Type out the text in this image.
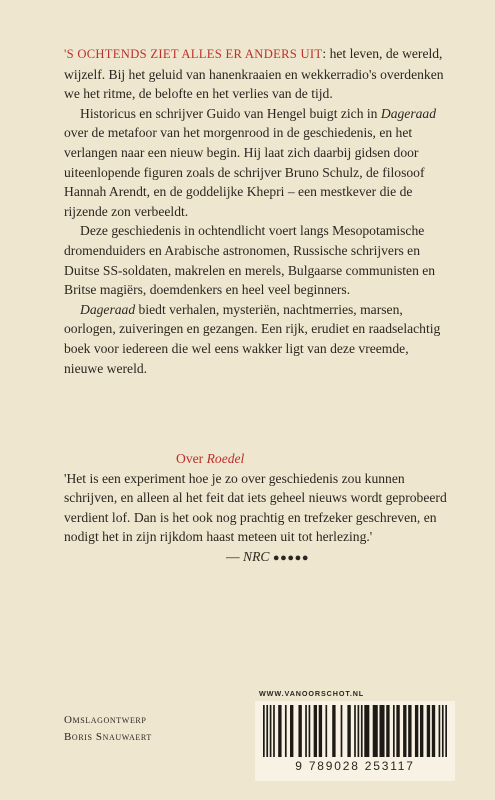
'S OCHTENDS ZIET ALLES ER ANDERS UIT: het leven, de wereld, wijzelf. Bij het geluid van hanenkraaien en wekkerradio's overdenken we het ritme, de belofte en het verlies van de tijd.

Historicus en schrijver Guido van Hengel buigt zich in Dageraad over de metafoor van het morgenrood in de geschiedenis, en het verlangen naar een nieuw begin. Hij laat zich daarbij gidsen door uiteenlopende figuren zoals de schrijver Bruno Schulz, de filosoof Hannah Arendt, en de goddelijke Khepri – een mestkever die de rijzende zon verbeeldt.

Deze geschiedenis in ochtendlicht voert langs Mesopotamische dromenduiders en Arabische astronomen, Russische schrijvers en Duitse SS-soldaten, makrelen en merels, Bulgaarse communisten en Britse magiërs, doemdenkers en heel veel beginners.

Dageraad biedt verhalen, mysteriën, nachtmerries, marsen, oorlogen, zuiveringen en gezangen. Een rijk, erudiet en raadselachtig boek voor iedereen die wel eens wakker ligt van deze vreemde, nieuwe wereld.

Over Roedel

'Het is een experiment hoe je zo over geschiedenis zou kunnen schrijven, en alleen al het feit dat iets geheel nieuws wordt geprobeerd verdient lof. Dan is het ook nog prachtig en trefzeker geschreven, en nodigt het in zijn rijkdom haast meteen uit tot herlezing.'

— NRC ●●●●●
Omslagontwerp
Boris Snauwaert
WWW.VANOORSCHOT.NL
9 789028 253117
